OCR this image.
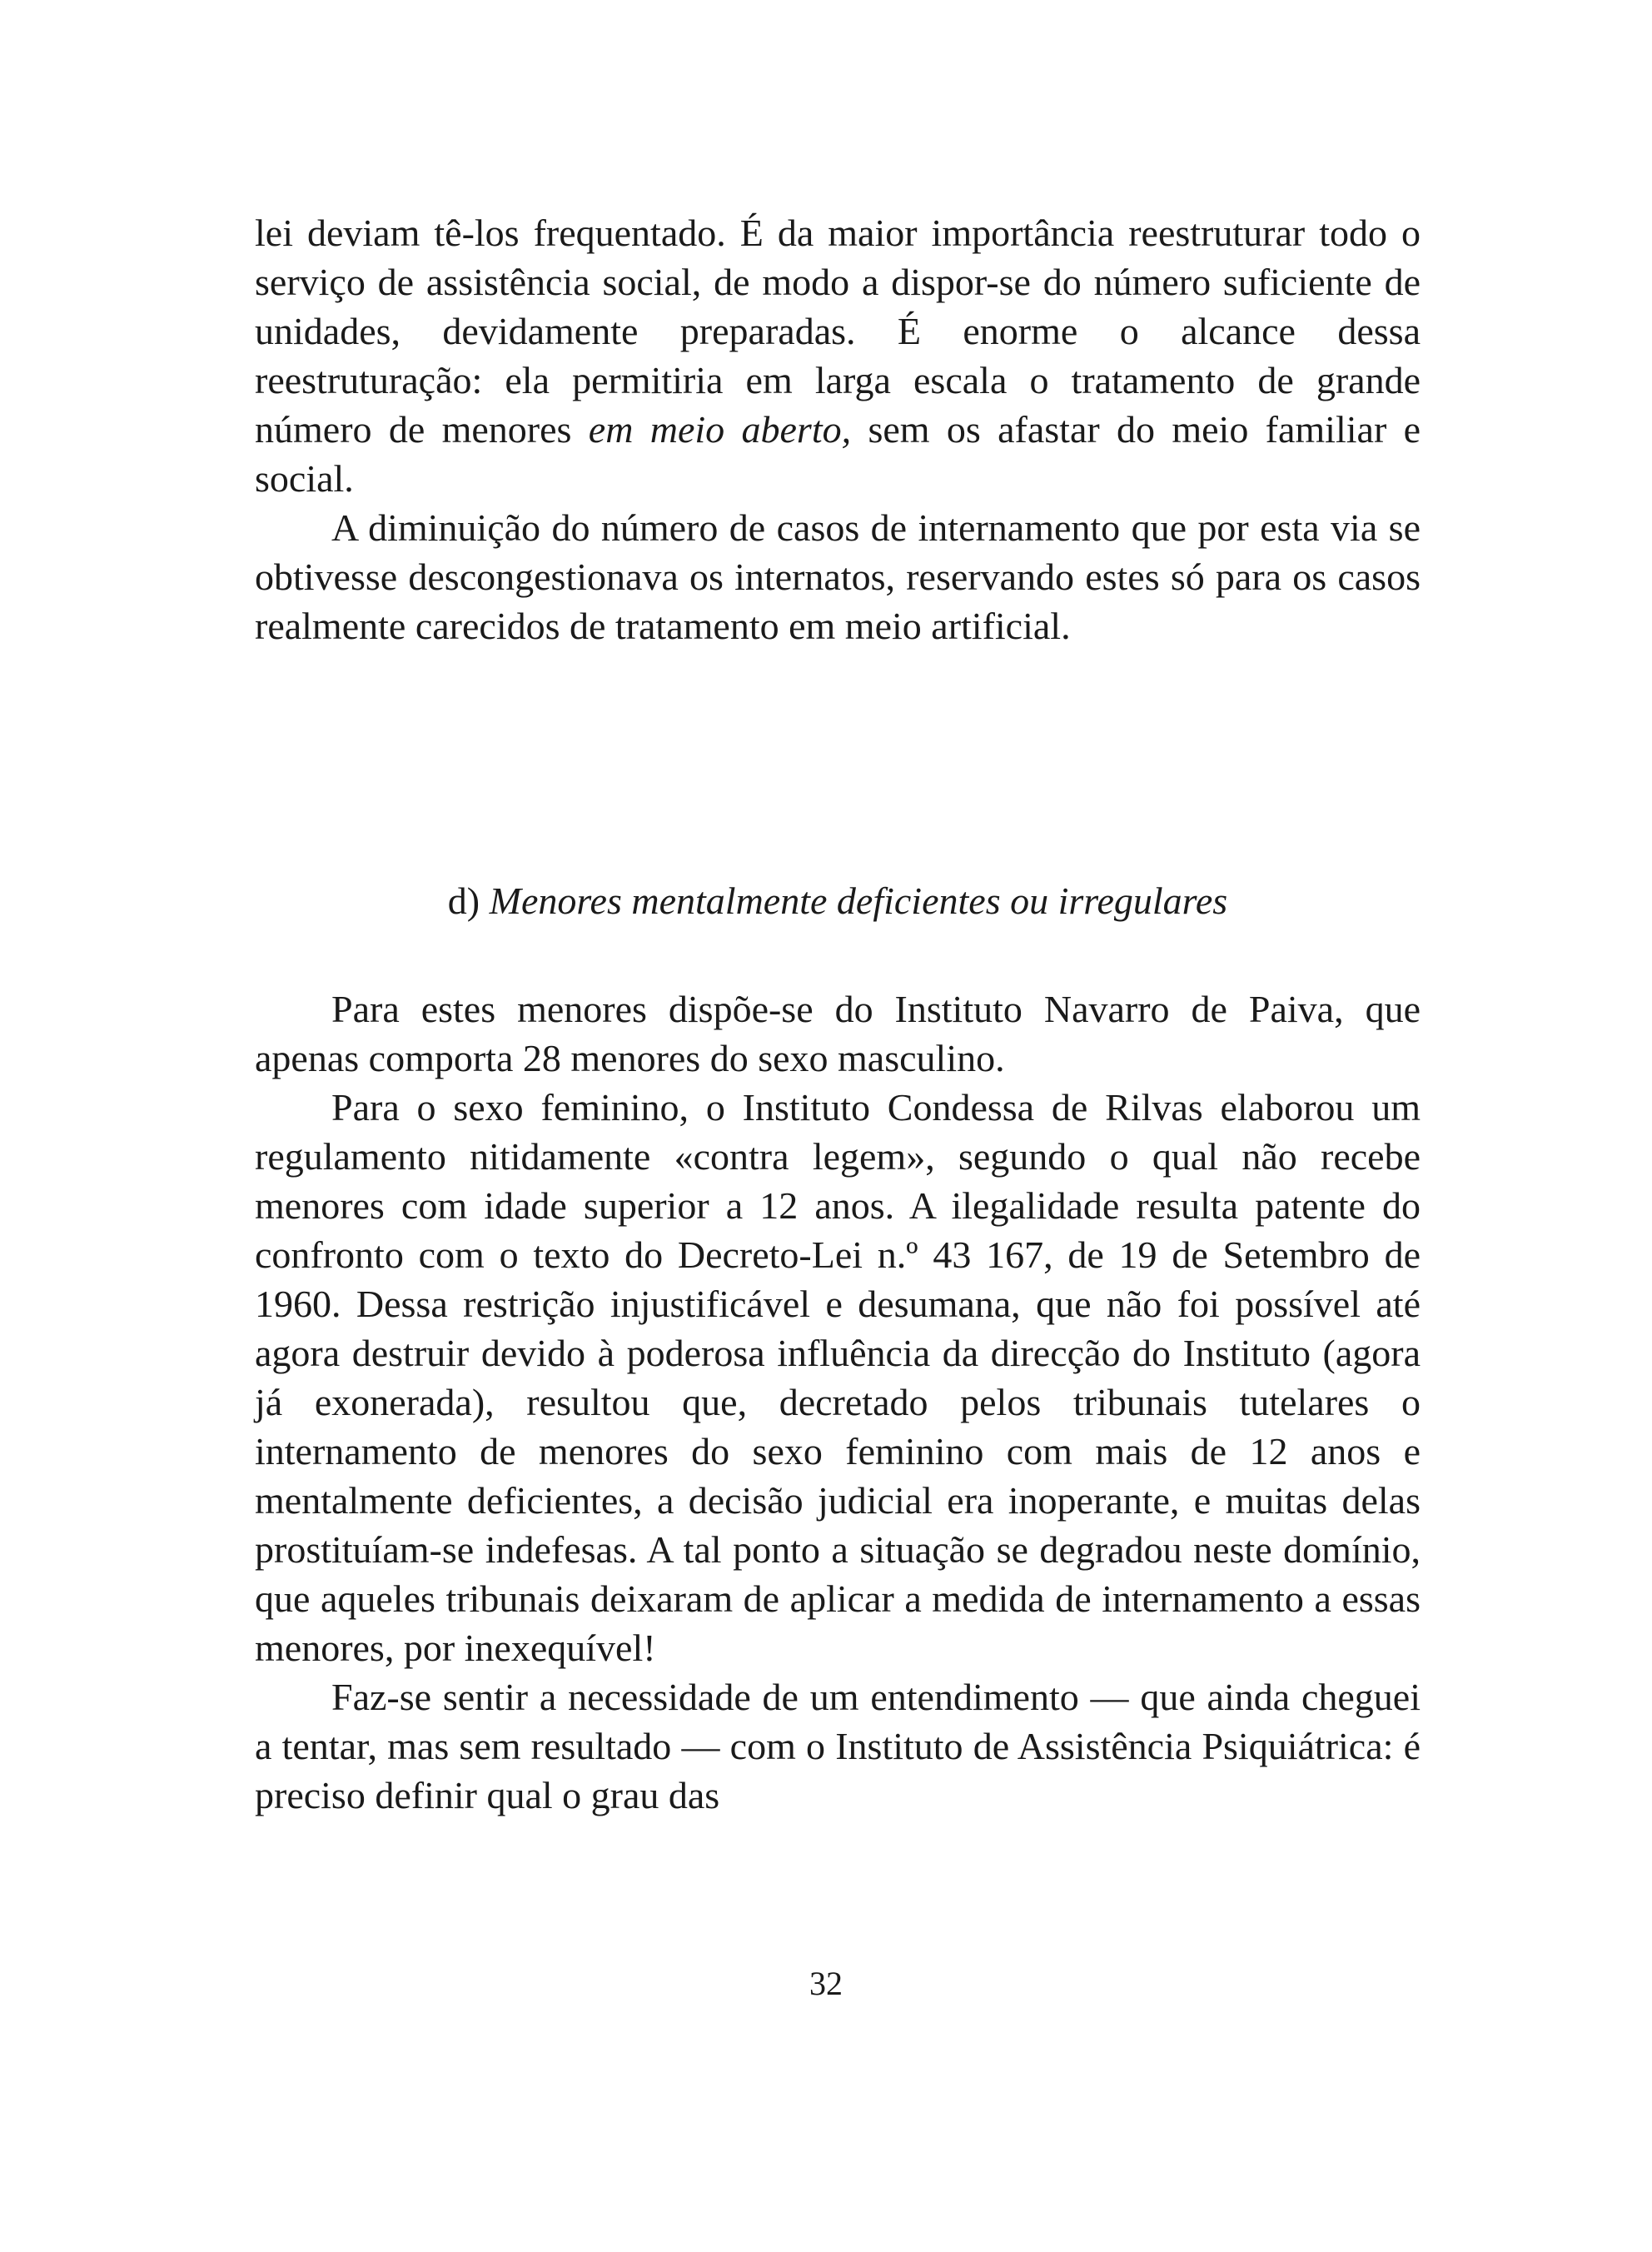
lei deviam tê-los frequentado. É da maior importância reestruturar todo o serviço de assistência social, de modo a dispor-se do número suficiente de unidades, devidamente preparadas. É enorme o alcance dessa reestruturação: ela permitiria em larga escala o tratamento de grande número de menores em meio aberto, sem os afastar do meio familiar e social.

A diminuição do número de casos de internamento que por esta via se obtivesse descongestionava os internatos, reservando estes só para os casos realmente carecidos de tratamento em meio artificial.

d) Menores mentalmente deficientes ou irregulares

Para estes menores dispõe-se do Instituto Navarro de Paiva, que apenas comporta 28 menores do sexo masculino.

Para o sexo feminino, o Instituto Condessa de Rilvas elaborou um regulamento nitidamente «contra legem», segundo o qual não recebe menores com idade superior a 12 anos. A ilegalidade resulta patente do confronto com o texto do Decreto-Lei n.º 43 167, de 19 de Setembro de 1960. Dessa restrição injustificável e desumana, que não foi possível até agora destruir devido à poderosa influência da direcção do Instituto (agora já exonerada), resultou que, decretado pelos tribunais tutelares o internamento de menores do sexo feminino com mais de 12 anos e mentalmente deficientes, a decisão judicial era inoperante, e muitas delas prostituíam-se indefesas. A tal ponto a situação se degradou neste domínio, que aqueles tribunais deixaram de aplicar a medida de internamento a essas menores, por inexequível!

Faz-se sentir a necessidade de um entendimento — que ainda cheguei a tentar, mas sem resultado — com o Instituto de Assistência Psiquiátrica: é preciso definir qual o grau das

32
